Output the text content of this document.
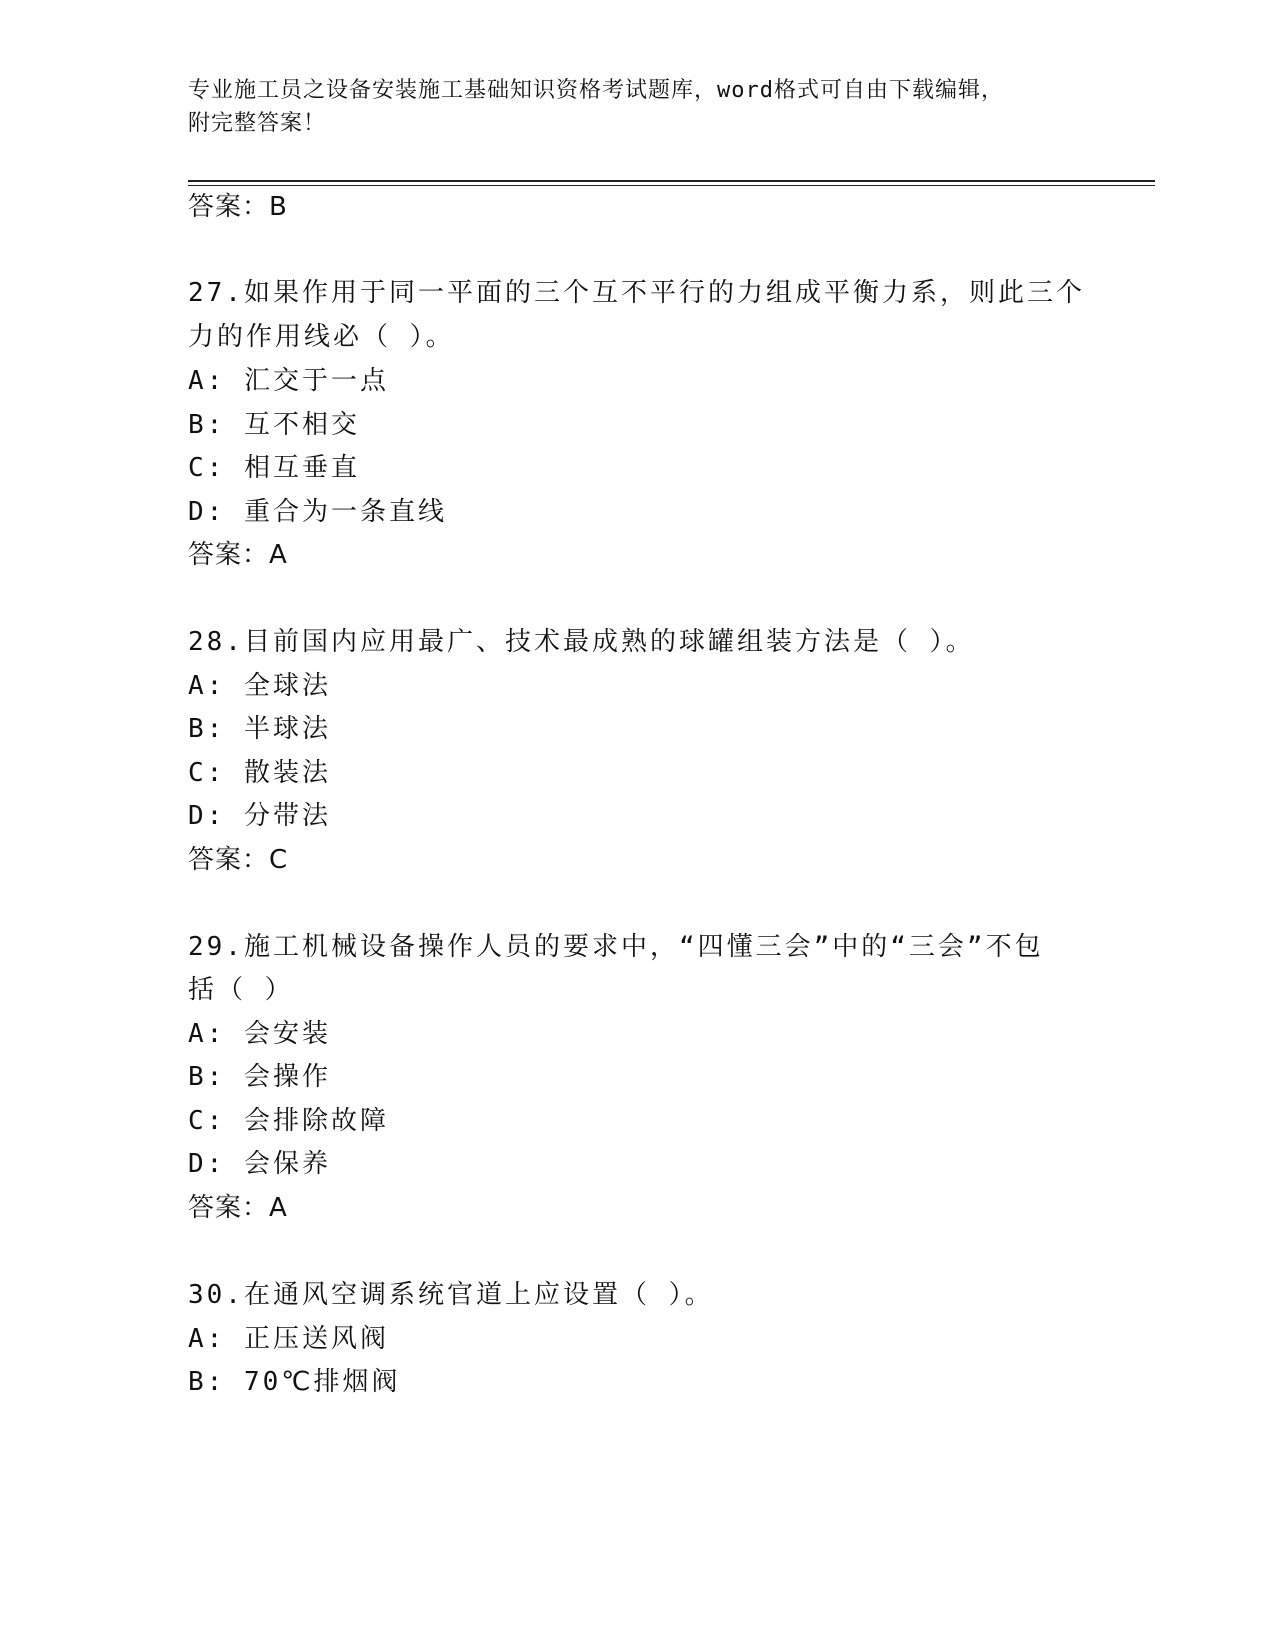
专业施工员之设备安装施工基础知识资格考试题库，word格式可自由下载编辑，
附完整答案！
答案：B
27.如果作用于同一平面的三个互不平行的力组成平衡力系，则此三个
力的作用线必（ ）。
A: 汇交于一点
B: 互不相交
C: 相互垂直
D: 重合为一条直线
答案：A
28.目前国内应用最广、技术最成熟的球罐组装方法是（ ）。
A: 全球法
B: 半球法
C: 散装法
D: 分带法
答案：C
29.施工机械设备操作人员的要求中，“四懂三会”中的“三会”不包
括（ ）
A: 会安装
B: 会操作
C: 会排除故障
D: 会保养
答案：A
30.在通风空调系统官道上应设置（ ）。
A: 正压送风阀
B: 70℃排烟阀
